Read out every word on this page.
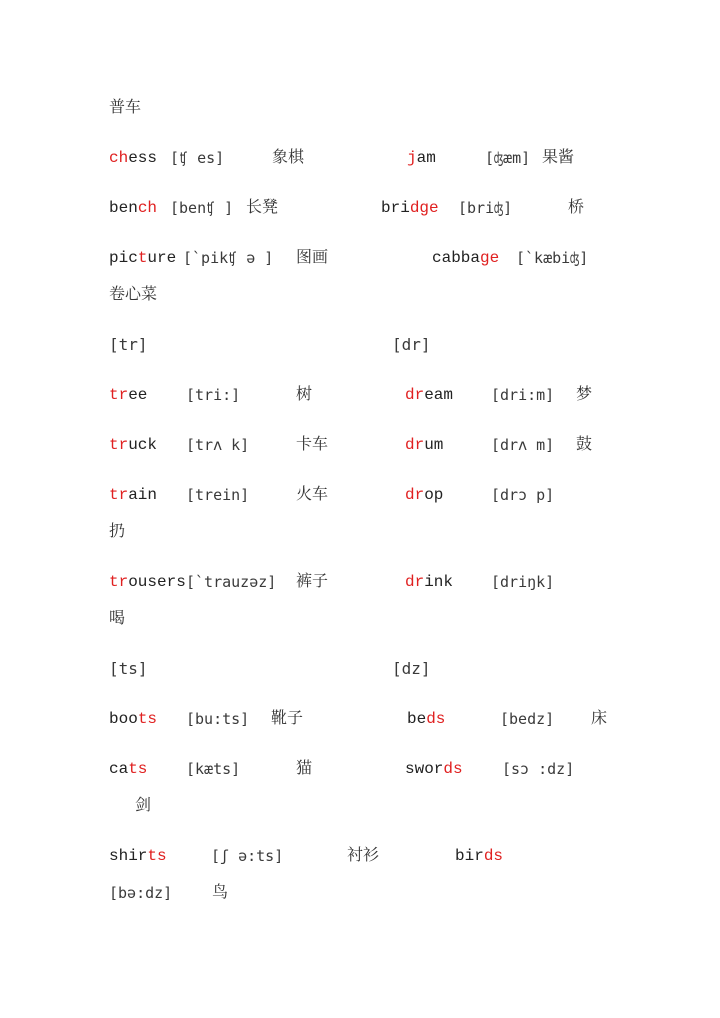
普车
chess [ʧ es]	象棋	jam	[ʤæm] 果酱
bench [benʧ ] 长凳	bridge [briʤ]	桥
picture [`pikʧ ə ] 图画	cabbage [`kæbiʤ]
卷心菜
[tr]	[dr]
tree	[tri:]	树	dream	[dri:m] 梦
truck [trʌ k]	卡车	drum	[drʌ m] 鼓
train [trein]	火车	drop	[drɔ p]
扔
trousers [`trauzəz] 裤子	drink	[driŋk]
喝
[ts]	[dz]
boots [bu:ts] 靴子	beds	[bedz] 床
cats	[kæts]	猫	swords	[sɔ :dz]
剑
shirts	[ʃ ə:ts]	衬衫	birds
[bə:dz] 鸟
